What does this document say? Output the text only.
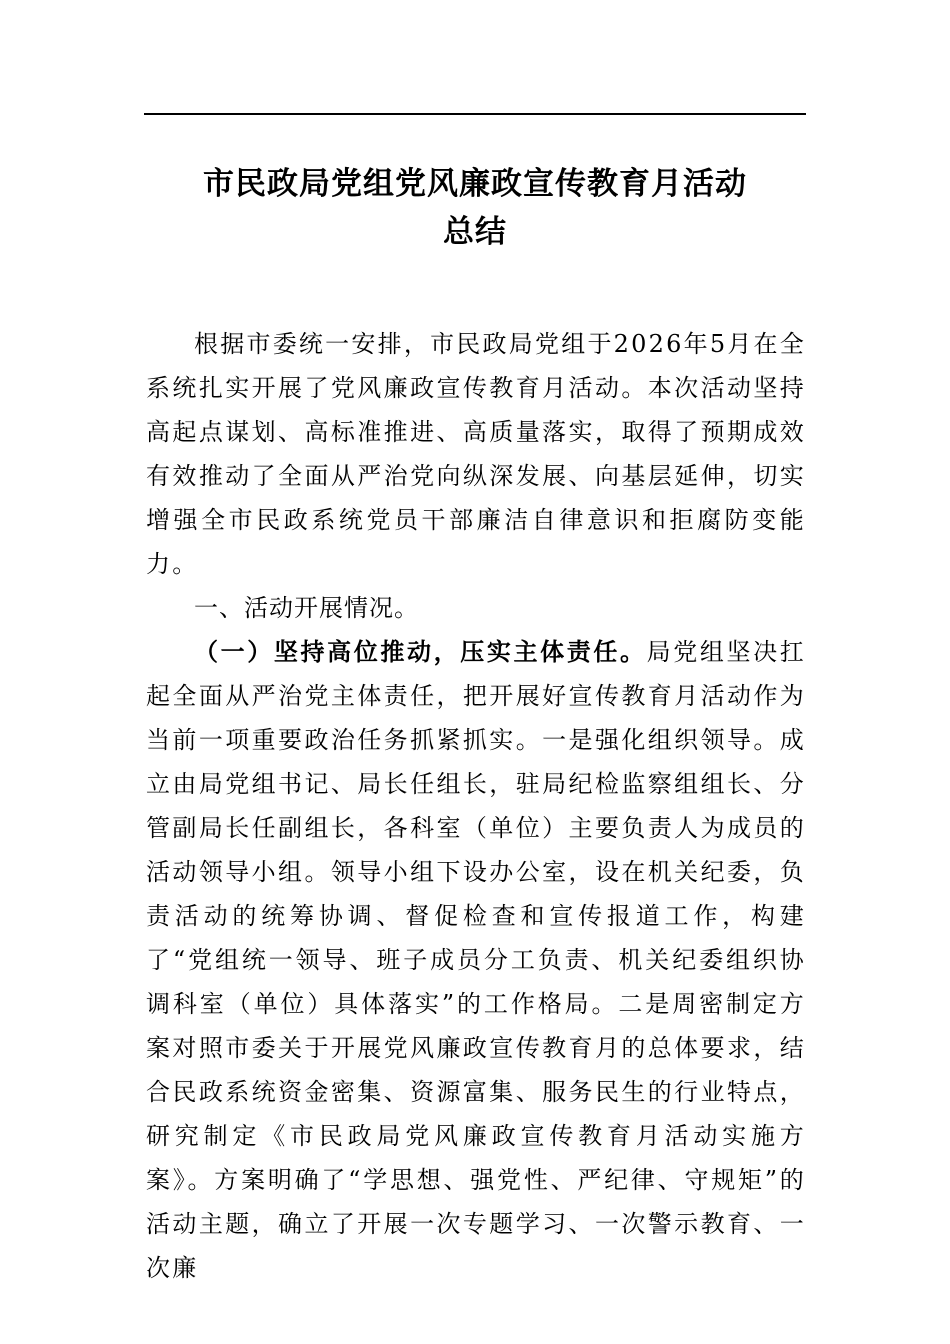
市民政局党组党风廉政宣传教育月活动
总结

根据市委统一安排，市民政局党组于2026年5月在全系统扎实开展了党风廉政宣传教育月活动。本次活动坚持高起点谋划、高标准推进、高质量落实，取得了预期成效有效推动了全面从严治党向纵深发展、向基层延伸，切实增强全市民政系统党员干部廉洁自律意识和拒腐防变能力。

一、活动开展情况。

（一）坚持高位推动，压实主体责任。局党组坚决扛起全面从严治党主体责任，把开展好宣传教育月活动作为当前一项重要政治任务抓紧抓实。一是强化组织领导。成立由局党组书记、局长任组长，驻局纪检监察组组长、分管副局长任副组长，各科室（单位）主要负责人为成员的活动领导小组。领导小组下设办公室，设在机关纪委，负责活动的统筹协调、督促检查和宣传报道工作，构建了“党组统一领导、班子成员分工负责、机关纪委组织协调科室（单位）具体落实”的工作格局。二是周密制定方案对照市委关于开展党风廉政宣传教育月的总体要求，结合民政系统资金密集、资源富集、服务民生的行业特点，研究制定《市民政局党风廉政宣传教育月活动实施方案》。方案明确了“学思想、强党性、严纪律、守规矩”的活动主题，确立了开展一次专题学习、一次警示教育、一次廉
